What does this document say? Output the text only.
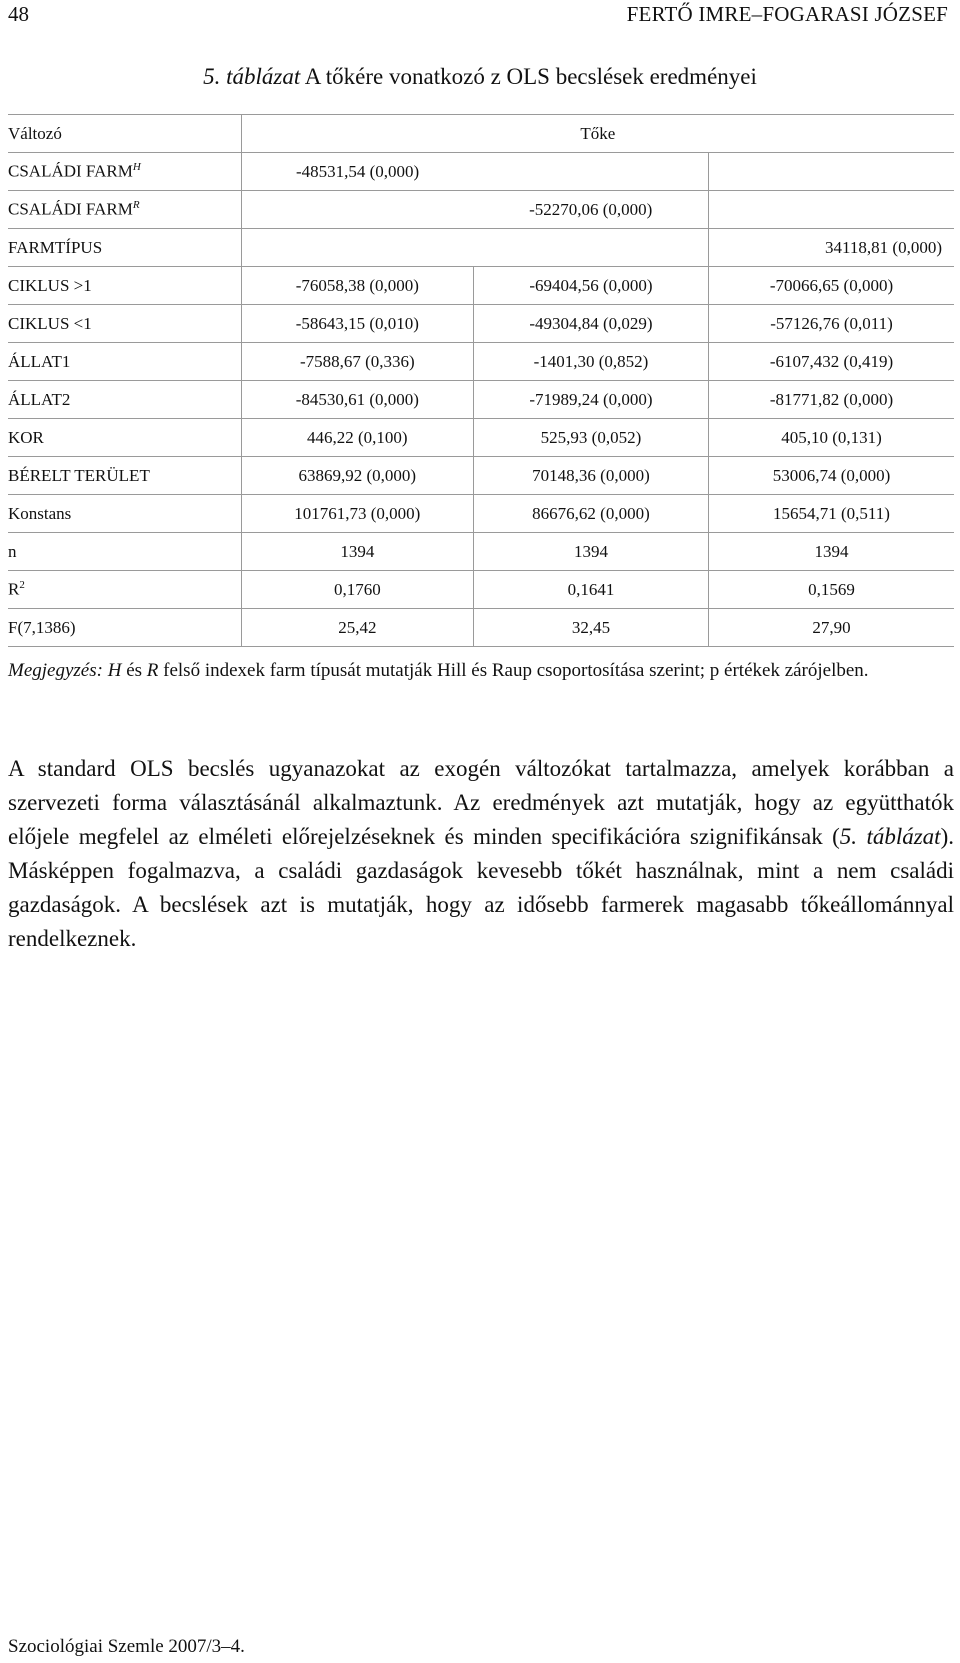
48	FERTŐ IMRE–FOGARASI JÓZSEF
5. táblázat A tőkére vonatkozó z OLS becslések eredményei
Változó	Tőke		
CSALÁDI $FARM^H$	-48531,54 (0,000)		
CSALÁDI $FARM^R$		-52270,06 (0,000)	
FARMTÍPUS			34118,81 (0,000)
CIKLUS >1	-76058,38 (0,000)	-69404,56 (0,000)	-70066,65 (0,000)
CIKLUS <1	-58643,15 (0,010)	-49304,84 (0,029)	-57126,76 (0,011)
ÁLLAT1	-7588,67 (0,336)	-1401,30 (0,852)	-6107,432 (0,419)
ÁLLAT2	-84530,61 (0,000)	-71989,24 (0,000)	-81771,82 (0,000)
KOR	446,22 (0,100)	525,93 (0,052)	405,10 (0,131)
BÉRELT TERÜLET	63869,92 (0,000)	70148,36 (0,000)	53006,74 (0,000)
Konstans	101761,73 (0,000)	86676,62 (0,000)	15654,71 (0,511)
n	1394	1394	1394
$R^2$	0,1760	0,1641	0,1569
F(7,1386)	25,42	32,45	27,90
Megjegyzés: H és R felső indexek farm típusát mutatják Hill és Raup csoportosítása szerint; p értékek zárójelben.
A standard OLS becslés ugyanazokat az exogén változókat tartalmazza, amelyek korábban a szervezeti forma választásánál alkalmaztunk. Az eredmények azt mutatják, hogy az együtthatók előjele megfelel az elméleti előrejelzéseknek és minden specifikációra szignifikánsak (5. táblázat). Másképpen fogalmazva, a családi gazdaságok kevesebb tőkét használnak, mint a nem családi gazdaságok. A becslések azt is mutatják, hogy az idősebb farmerek magasabb tőkeállománnyal rendelkeznek.
Szociológiai Szemle 2007/3–4.
